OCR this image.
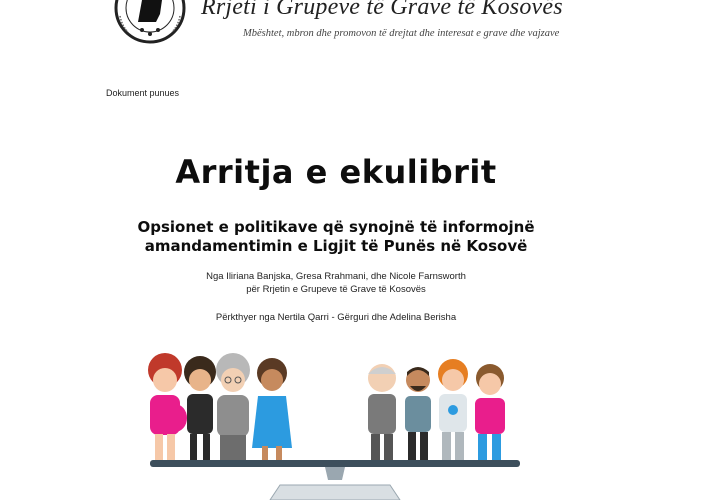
Rrjeti i Grupeve të Grave të Kosovës
Mbështet, mbron dhe promovon të drejtat dhe interesat e grave dhe vajzave
Dokument punues
Arritja e ekulibrit
Opsionet e politikave që synojnë të informojnë
amandamentimin e Ligjit të Punës në Kosovë
Nga Iliriana Banjska, Gresa Rrahmani, dhe Nicole Farnsworth
për Rrjetin e Grupeve të Grave të Kosovës
Përkthyer nga Nertila Qarri - Gërguri dhe Adelina Berisha
